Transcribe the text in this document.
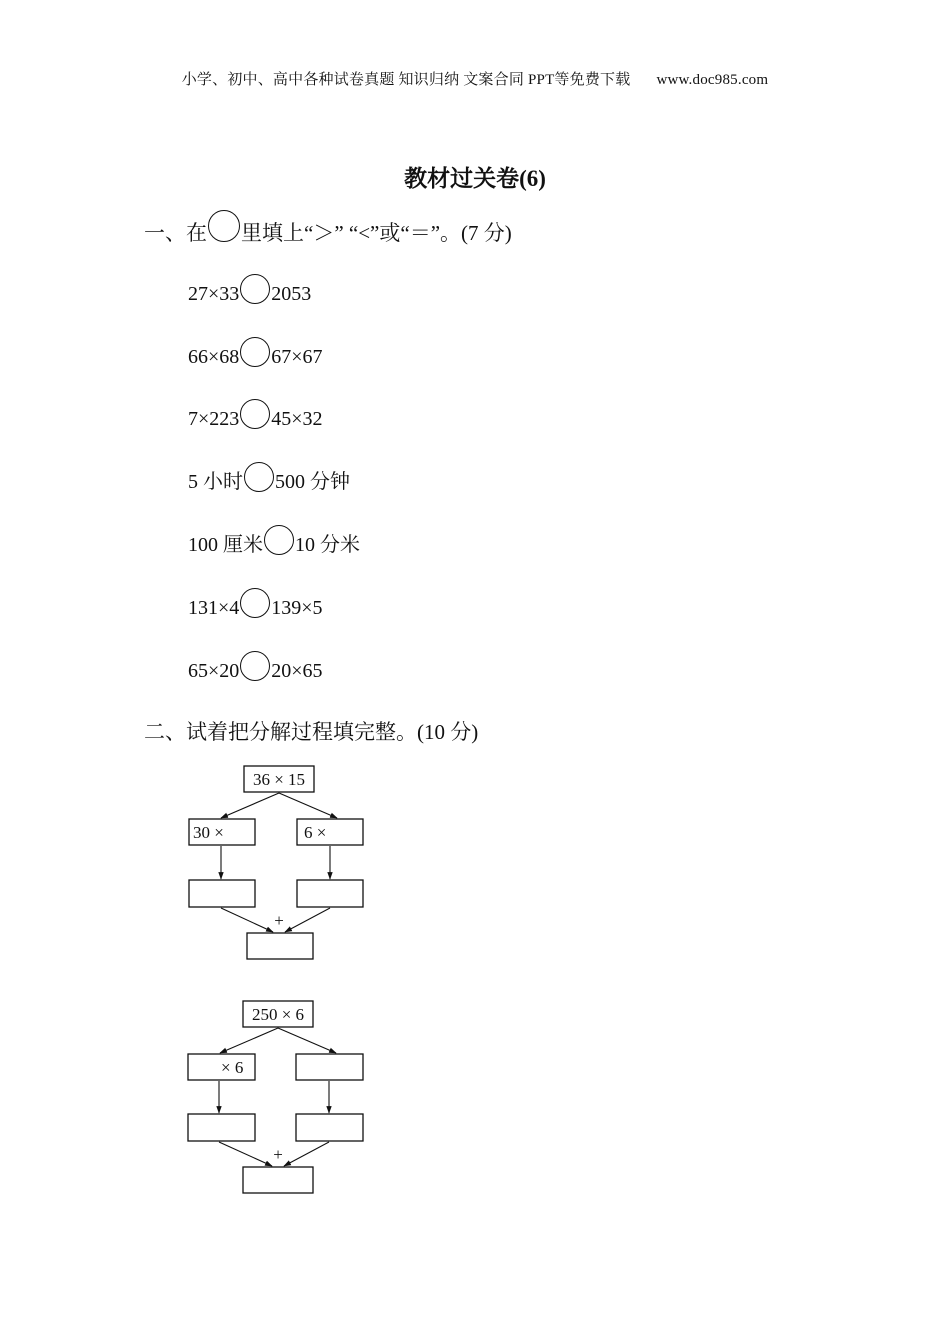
小学、初中、高中各种试卷真题 知识归纳 文案合同 PPT等免费下载 www.doc985.com
教材过关卷(6)
一、在 里填上“＞” “<”或“＝”。(7 分)
27×33 2053
66×68 67×67
7×223 45×32
5 小时 500 分钟
100 厘米 10 分米
131×4 139×5
65×20 20×65
二、试着把分解过程填完整。(10 分)
36 × 15
30 ×	6 ×
+
250 × 6
× 6
+
